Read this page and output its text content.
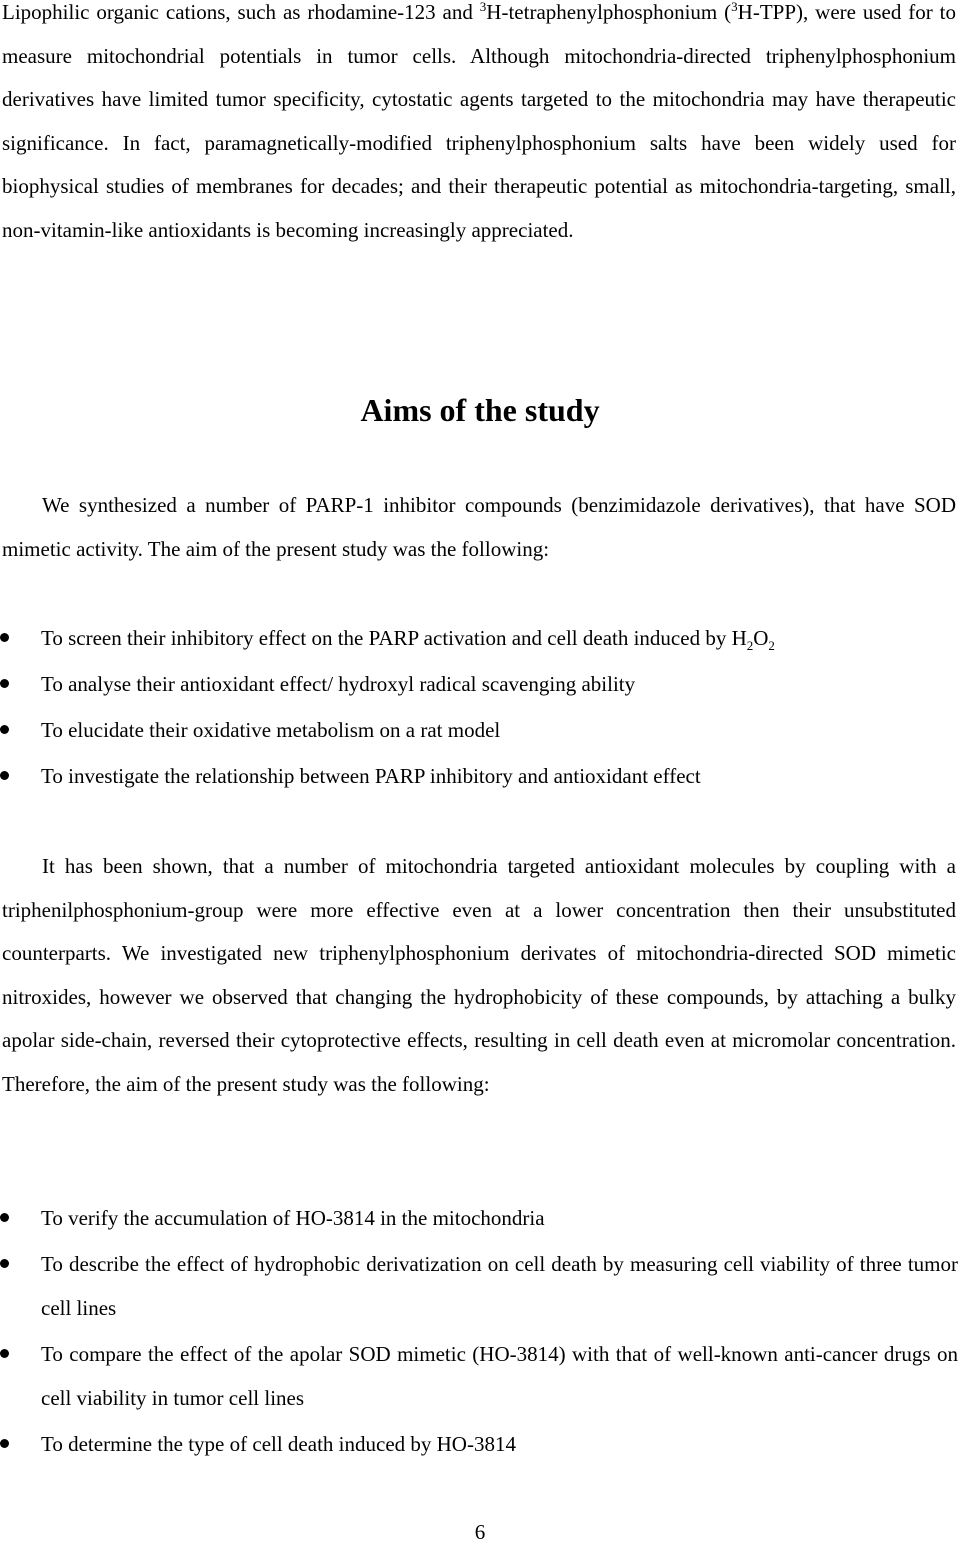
Lipophilic organic cations, such as rhodamine-123 and $^3$H-tetraphenylphosphonium ($^3$H-TPP), were used for to measure mitochondrial potentials in tumor cells. Although mitochondria-directed triphenylphosphonium derivatives have limited tumor specificity, cytostatic agents targeted to the mitochondria may have therapeutic significance. In fact, paramagnetically-modified triphenylphosphonium salts have been widely used for biophysical studies of membranes for decades; and their therapeutic potential as mitochondria-targeting, small, non-vitamin-like antioxidants is becoming increasingly appreciated.

Aims of the study

We synthesized a number of PARP-1 inhibitor compounds (benzimidazole derivatives), that have SOD mimetic activity. The aim of the present study was the following:

To screen their inhibitory effect on the PARP activation and cell death induced by $H_2O_2$
To analyse their antioxidant effect/ hydroxyl radical scavenging ability
To elucidate their oxidative metabolism on a rat model
To investigate the relationship between PARP inhibitory and antioxidant effect

It has been shown, that a number of mitochondria targeted antioxidant molecules by coupling with a triphenilphosphonium-group were more effective even at a lower concentration then their unsubstituted counterparts. We investigated new triphenylphosphonium derivates of mitochondria-directed SOD mimetic nitroxides, however we observed that changing the hydrophobicity of these compounds, by attaching a bulky apolar side-chain, reversed their cytoprotective effects, resulting in cell death even at micromolar concentration. Therefore, the aim of the present study was the following:

To verify the accumulation of HO-3814 in the mitochondria
To describe the effect of hydrophobic derivatization on cell death by measuring cell viability of three tumor cell lines
To compare the effect of the apolar SOD mimetic (HO-3814) with that of well-known anti-cancer drugs on cell viability in tumor cell lines
To determine the type of cell death induced by HO-3814

6
